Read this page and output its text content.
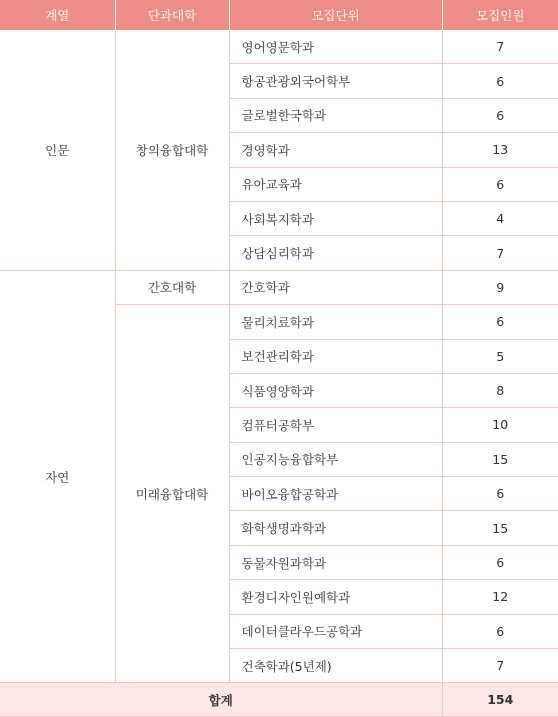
계열	단과대학	모집단위	모집인원
인문	창의융합대학	영어영문학과	7
		항공관광외국어학부	6
		글로벌한국학과	6
		경영학과	13
		유아교육과	6
		사회복지학과	4
		상담심리학과	7
자연	간호대학	간호학과	9
	미래융합대학	물리치료학과	6
		보건관리학과	5
		식품영양학과	8
		컴퓨터공학부	10
		인공지능융합학부	15
		바이오융합공학과	6
		화학생명과학과	15
		동물자원과학과	6
		환경디자인원예학과	12
		데이터클라우드공학과	6
		건축학과(5년제)	7
합계			154
